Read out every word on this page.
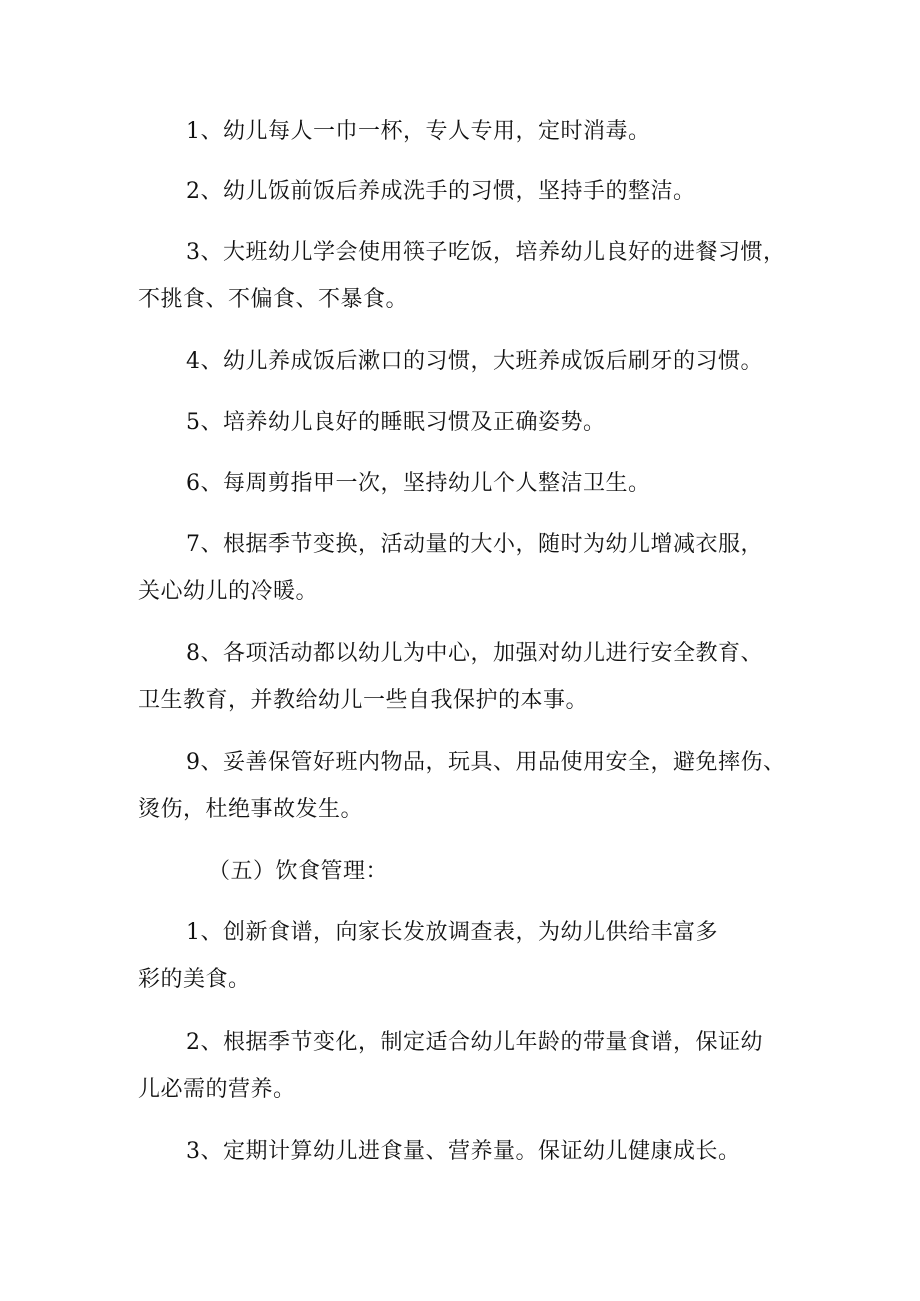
1、幼儿每人一巾一杯，专人专用，定时消毒。
2、幼儿饭前饭后养成洗手的习惯，坚持手的整洁。
3、大班幼儿学会使用筷子吃饭，培养幼儿良好的进餐习惯，
不挑食、不偏食、不暴食。
4、幼儿养成饭后漱口的习惯，大班养成饭后刷牙的习惯。
5、培养幼儿良好的睡眠习惯及正确姿势。
6、每周剪指甲一次，坚持幼儿个人整洁卫生。
7、根据季节变换，活动量的大小，随时为幼儿增减衣服，
关心幼儿的冷暖。
8、各项活动都以幼儿为中心，加强对幼儿进行安全教育、
卫生教育，并教给幼儿一些自我保护的本事。
9、妥善保管好班内物品，玩具、用品使用安全，避免摔伤、
烫伤，杜绝事故发生。
（五）饮食管理：
1、创新食谱，向家长发放调查表，为幼儿供给丰富多
彩的美食。
2、根据季节变化，制定适合幼儿年龄的带量食谱，保证幼
儿必需的营养。
3、定期计算幼儿进食量、营养量。保证幼儿健康成长。
